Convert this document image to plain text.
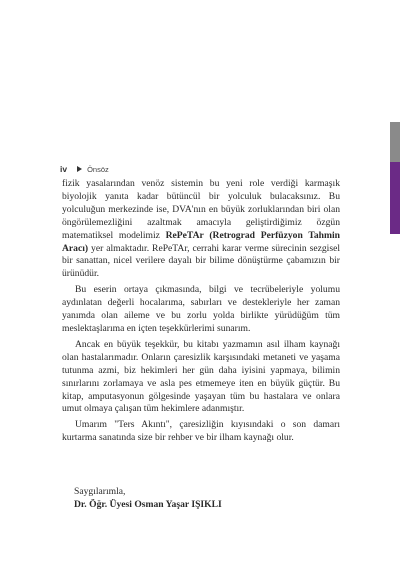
iv	Önsöz

fizik yasalarından venöz sistemin bu yeni role verdiği karmaşık biyolojik yanıta kadar bütüncül bir yolculuk bulacaksınız. Bu yolculuğun merkezinde ise, DVA'nın en büyük zorluklarından biri olan öngörülemezliğini azaltmak amacıyla geliştirdiğimiz özgün matematiksel modelimiz RePeTAr (Retrograd Perfüzyon Tahmin Aracı) yer almaktadır. RePeTAr, cerrahi karar verme sürecinin sezgisel bir sanattan, nicel verilere dayalı bir bilime dönüştürme çabamızın bir ürünüdür.

Bu eserin ortaya çıkmasında, bilgi ve tecrübeleriyle yolumu aydınlatan değerli hocalarıma, sabırları ve destekleriyle her zaman yanımda olan aileme ve bu zorlu yolda birlikte yürüdüğüm tüm meslektaşlarıma en içten teşekkürlerimi sunarım.

Ancak en büyük teşekkür, bu kitabı yazmamın asıl ilham kaynağı olan hastalarımadır. Onların çaresizlik karşısındaki metaneti ve yaşama tutunma azmi, biz hekimleri her gün daha iyisini yapmaya, bilimin sınırlarını zorlamaya ve asla pes etmemeye iten en büyük güçtür. Bu kitap, amputasyonun gölgesinde yaşayan tüm bu hastalara ve onlara umut olmaya çalışan tüm hekimlere adanmıştır.

Umarım "Ters Akıntı", çaresizliğin kıyısındaki o son damarı kurtarma sanatında size bir rehber ve bir ilham kaynağı olur.

Saygılarımla,
Dr. Öğr. Üyesi Osman Yaşar IŞIKLI
